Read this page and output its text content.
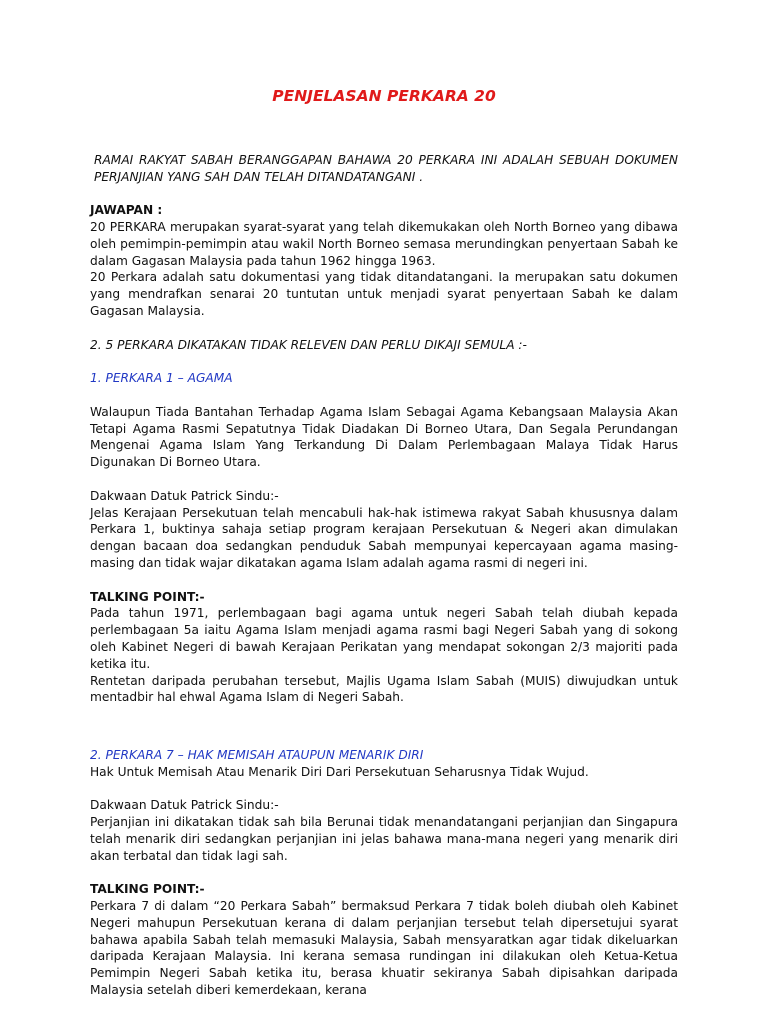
PENJELASAN PERKARA 20

RAMAI RAKYAT SABAH BERANGGAPAN BAHAWA 20 PERKARA INI ADALAH SEBUAH DOKUMEN PERJANJIAN YANG SAH DAN TELAH DITANDATANGANI .

JAWAPAN :

20 PERKARA merupakan syarat-syarat yang telah dikemukakan oleh North Borneo yang dibawa oleh pemimpin-pemimpin atau wakil North Borneo semasa merundingkan penyertaan Sabah ke dalam Gagasan Malaysia pada tahun 1962 hingga 1963.

20 Perkara adalah satu dokumentasi yang tidak ditandatangani. Ia merupakan satu dokumen yang mendrafkan senarai 20 tuntutan untuk menjadi syarat penyertaan Sabah ke dalam Gagasan Malaysia.

2. 5 PERKARA DIKATAKAN TIDAK RELEVEN DAN PERLU DIKAJI SEMULA :-

1. PERKARA 1 – AGAMA

Walaupun Tiada Bantahan Terhadap Agama Islam Sebagai Agama Kebangsaan Malaysia Akan Tetapi Agama Rasmi Sepatutnya Tidak Diadakan Di Borneo Utara, Dan Segala Perundangan Mengenai Agama Islam Yang Terkandung Di Dalam Perlembagaan Malaya Tidak Harus Digunakan Di Borneo Utara.

Dakwaan Datuk Patrick Sindu:-

Jelas Kerajaan Persekutuan telah mencabuli hak-hak istimewa rakyat Sabah khususnya dalam Perkara 1, buktinya sahaja setiap program kerajaan Persekutuan & Negeri akan dimulakan dengan bacaan doa sedangkan penduduk Sabah mempunyai kepercayaan agama masing-masing dan tidak wajar dikatakan agama Islam adalah agama rasmi di negeri ini.

TALKING POINT:-

Pada tahun 1971, perlembagaan bagi agama untuk negeri Sabah telah diubah kepada perlembagaan 5a iaitu Agama Islam menjadi agama rasmi bagi Negeri Sabah yang di sokong oleh Kabinet Negeri di bawah Kerajaan Perikatan yang mendapat sokongan 2/3 majoriti pada ketika itu.

Rentetan daripada perubahan tersebut, Majlis Ugama Islam Sabah (MUIS) diwujudkan untuk mentadbir hal ehwal Agama Islam di Negeri Sabah.

2. PERKARA 7 – HAK MEMISAH ATAUPUN MENARIK DIRI

Hak Untuk Memisah Atau Menarik Diri Dari Persekutuan Seharusnya Tidak Wujud.

Dakwaan Datuk Patrick Sindu:-

Perjanjian ini dikatakan tidak sah bila Berunai tidak menandatangani perjanjian dan Singapura telah menarik diri sedangkan perjanjian ini jelas bahawa mana-mana negeri yang menarik diri akan terbatal dan tidak lagi sah.

TALKING POINT:-

Perkara 7 di dalam “20 Perkara Sabah” bermaksud Perkara 7 tidak boleh diubah oleh Kabinet Negeri mahupun Persekutuan kerana di dalam perjanjian tersebut telah dipersetujui syarat bahawa apabila Sabah telah memasuki Malaysia, Sabah mensyaratkan agar tidak dikeluarkan daripada Kerajaan Malaysia. Ini kerana semasa rundingan ini dilakukan oleh Ketua-Ketua Pemimpin Negeri Sabah ketika itu, berasa khuatir sekiranya Sabah dipisahkan daripada Malaysia setelah diberi kemerdekaan, kerana
